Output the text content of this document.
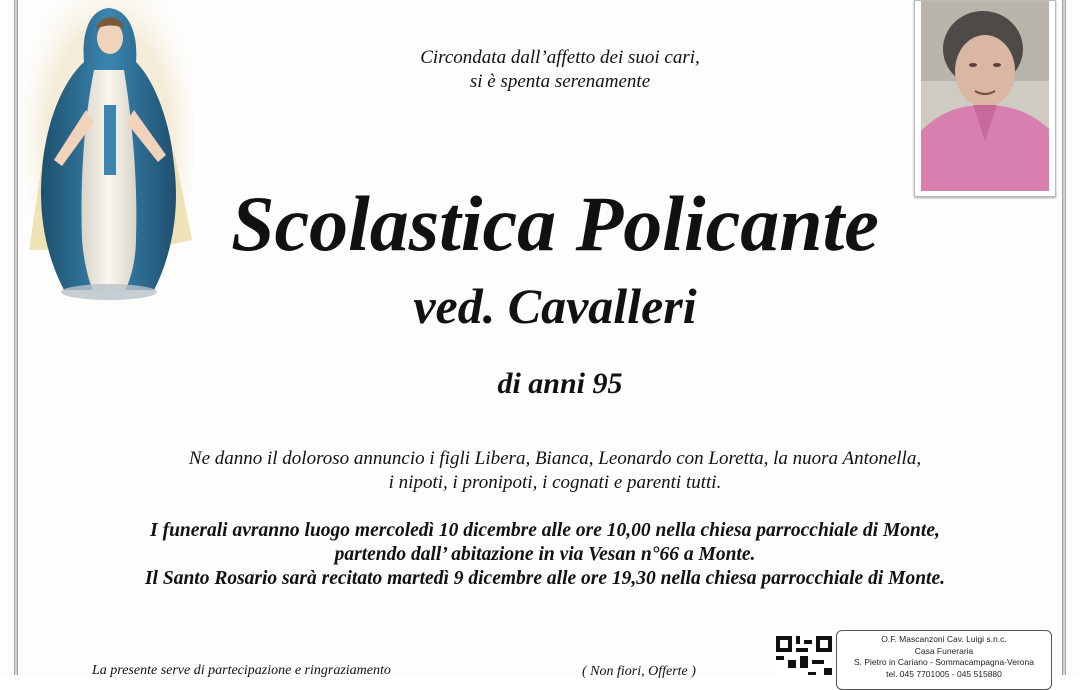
Circondata dall’affetto dei suoi cari,
si è spenta serenamente
Scolastica Policante
ved. Cavalleri
di anni 95
Ne danno il doloroso annuncio i figli Libera, Bianca, Leonardo con Loretta, la nuora Antonella,
i nipoti, i pronipoti, i cognati e parenti tutti.
I funerali avranno luogo mercoledì 10 dicembre alle ore 10,00 nella chiesa parrocchiale di Monte,
partendo dall’ abitazione in via Vesan n°66 a Monte.
Il Santo Rosario sarà recitato martedì 9 dicembre alle ore 19,30 nella chiesa parrocchiale di Monte.
La presente serve di partecipazione e ringraziamento	( Non fiori, Offerte )
O.F. Mascanzoni Cav. Luigi s.n.c.
Casa Funeraria
S. Pietro in Cariano - Sommacampagna-Verona
tel. 045 7701005 - 045 515880
